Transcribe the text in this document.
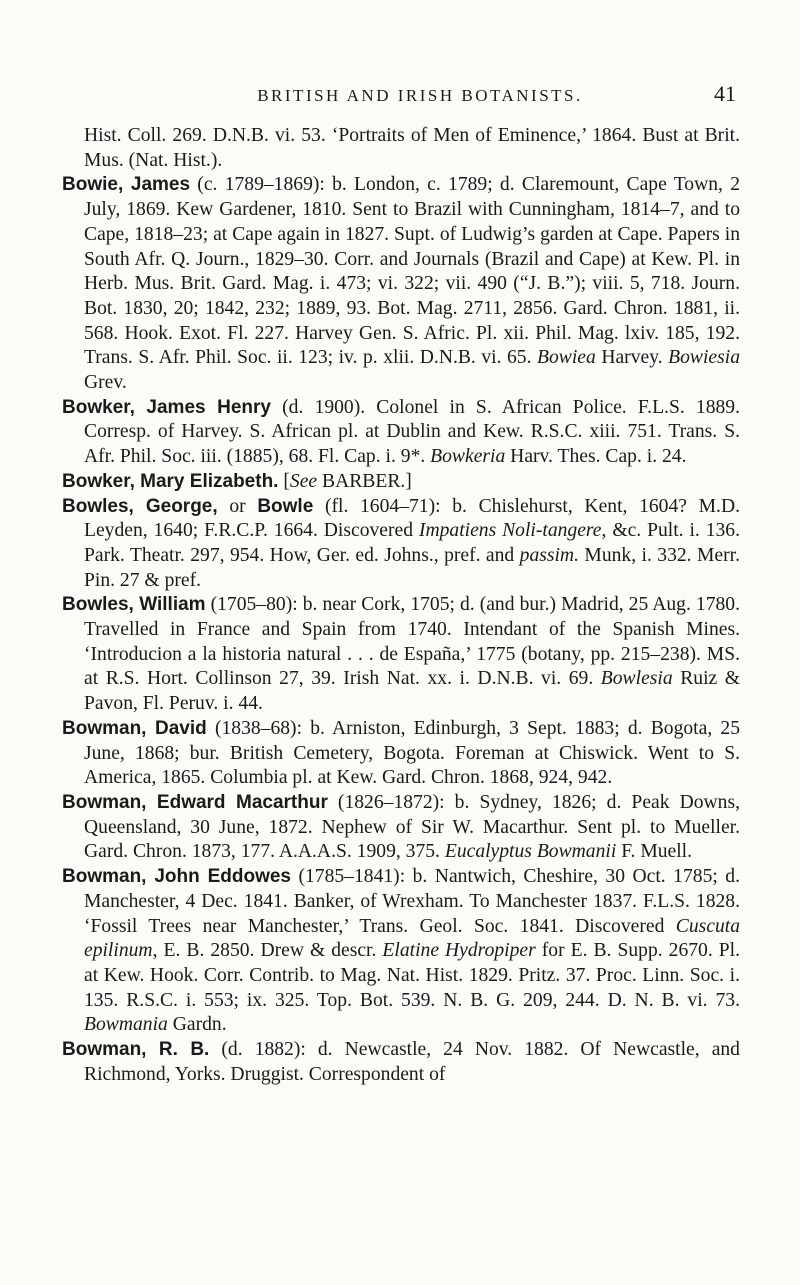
BRITISH AND IRISH BOTANISTS.	41

Hist. Coll. 269. D.N.B. vi. 53. ‘Portraits of Men of Eminence,’ 1864. Bust at Brit. Mus. (Nat. Hist.).

Bowie, James (c. 1789–1869): b. London, c. 1789; d. Claremount, Cape Town, 2 July, 1869. Kew Gardener, 1810. Sent to Brazil with Cunningham, 1814–7, and to Cape, 1818–23; at Cape again in 1827. Supt. of Ludwig’s garden at Cape. Papers in South Afr. Q. Journ., 1829–30. Corr. and Journals (Brazil and Cape) at Kew. Pl. in Herb. Mus. Brit. Gard. Mag. i. 473; vi. 322; vii. 490 (“J. B.”); viii. 5, 718. Journ. Bot. 1830, 20; 1842, 232; 1889, 93. Bot. Mag. 2711, 2856. Gard. Chron. 1881, ii. 568. Hook. Exot. Fl. 227. Harvey Gen. S. Afric. Pl. xii. Phil. Mag. lxiv. 185, 192. Trans. S. Afr. Phil. Soc. ii. 123; iv. p. xlii. D.N.B. vi. 65. Bowiea Harvey. Bowiesia Grev.

Bowker, James Henry (d. 1900). Colonel in S. African Police. F.L.S. 1889. Corresp. of Harvey. S. African pl. at Dublin and Kew. R.S.C. xiii. 751. Trans. S. Afr. Phil. Soc. iii. (1885), 68. Fl. Cap. i. 9*. Bowkeria Harv. Thes. Cap. i. 24.

Bowker, Mary Elizabeth. [See BARBER.]

Bowles, George, or Bowle (fl. 1604–71): b. Chislehurst, Kent, 1604? M.D. Leyden, 1640; F.R.C.P. 1664. Discovered Impatiens Noli-tangere, &c. Pult. i. 136. Park. Theatr. 297, 954. How, Ger. ed. Johns., pref. and passim. Munk, i. 332. Merr. Pin. 27 & pref.

Bowles, William (1705–80): b. near Cork, 1705; d. (and bur.) Madrid, 25 Aug. 1780. Travelled in France and Spain from 1740. Intendant of the Spanish Mines. ‘Introducion a la historia natural . . . de España,’ 1775 (botany, pp. 215–238). MS. at R.S. Hort. Collinson 27, 39. Irish Nat. xx. i. D.N.B. vi. 69. Bowlesia Ruiz & Pavon, Fl. Peruv. i. 44.

Bowman, David (1838–68): b. Arniston, Edinburgh, 3 Sept. 1883; d. Bogota, 25 June, 1868; bur. British Cemetery, Bogota. Foreman at Chiswick. Went to S. America, 1865. Columbia pl. at Kew. Gard. Chron. 1868, 924, 942.

Bowman, Edward Macarthur (1826–1872): b. Sydney, 1826; d. Peak Downs, Queensland, 30 June, 1872. Nephew of Sir W. Macarthur. Sent pl. to Mueller. Gard. Chron. 1873, 177. A.A.A.S. 1909, 375. Eucalyptus Bowmanii F. Muell.

Bowman, John Eddowes (1785–1841): b. Nantwich, Cheshire, 30 Oct. 1785; d. Manchester, 4 Dec. 1841. Banker, of Wrexham. To Manchester 1837. F.L.S. 1828. ‘Fossil Trees near Manchester,’ Trans. Geol. Soc. 1841. Discovered Cuscuta epilinum, E. B. 2850. Drew & descr. Elatine Hydropiper for E. B. Supp. 2670. Pl. at Kew. Hook. Corr. Contrib. to Mag. Nat. Hist. 1829. Pritz. 37. Proc. Linn. Soc. i. 135. R.S.C. i. 553; ix. 325. Top. Bot. 539. N. B. G. 209, 244. D. N. B. vi. 73. Bowmania Gardn.

Bowman, R. B. (d. 1882): d. Newcastle, 24 Nov. 1882. Of Newcastle, and Richmond, Yorks. Druggist. Correspondent of
